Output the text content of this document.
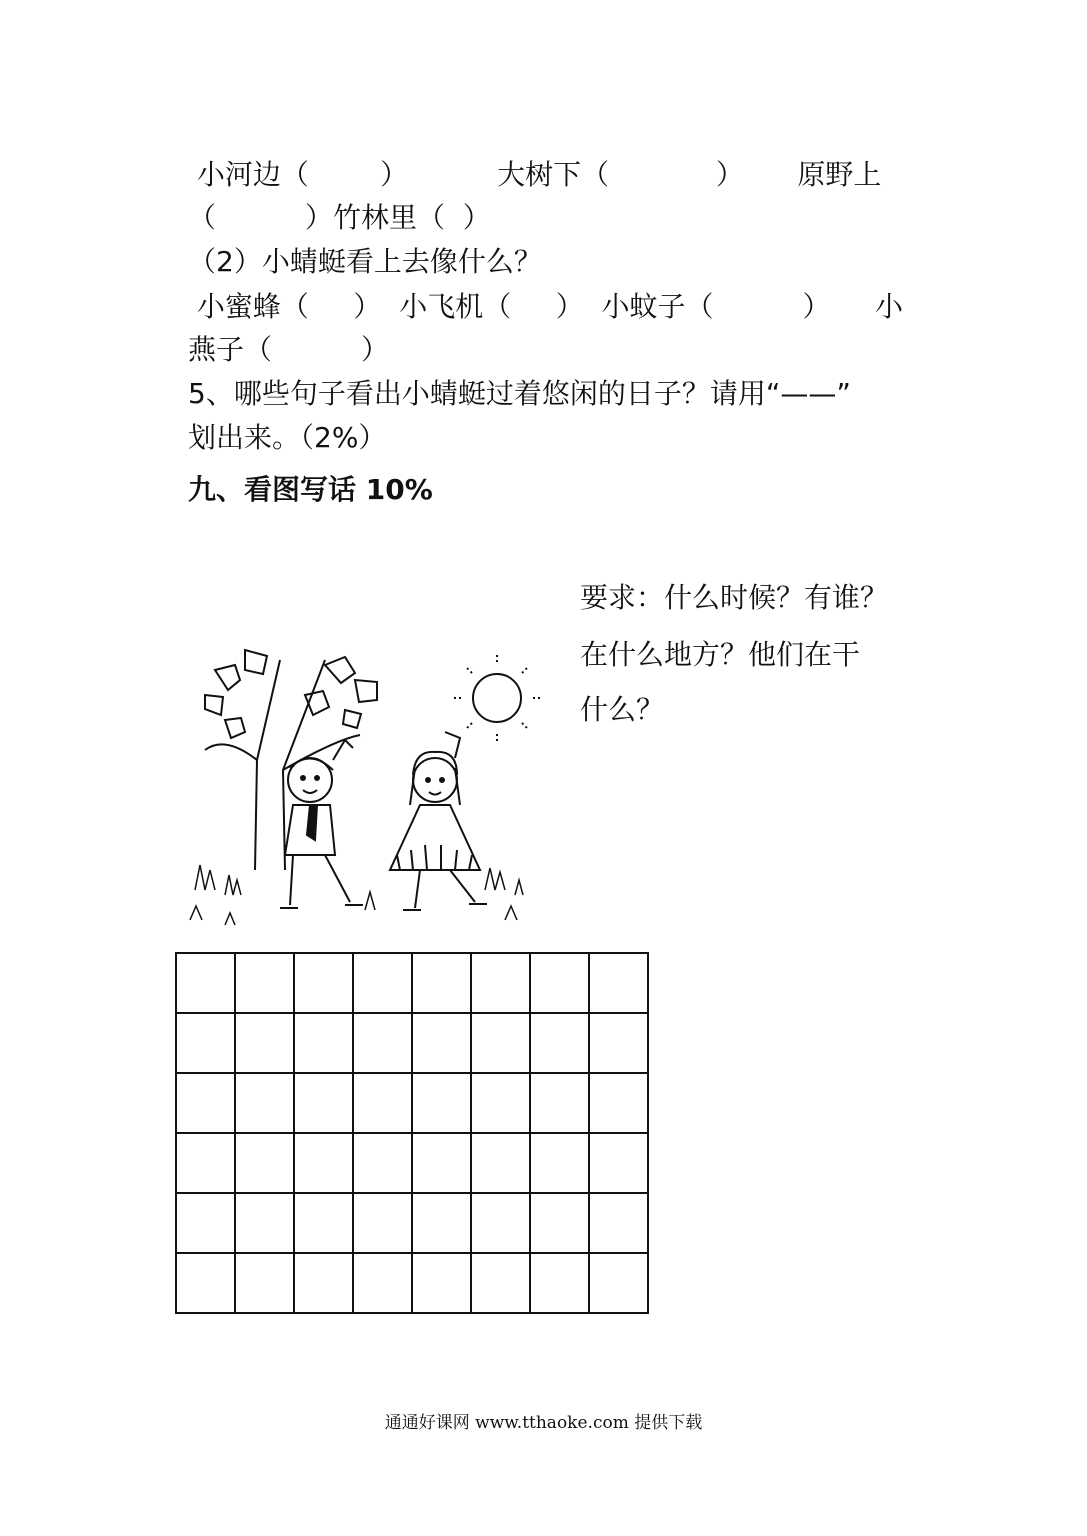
小河边（        ）          大树下（            ）      原野上
（          ）竹林里（  ）
（2）小蜻蜓看上去像什么？
小蜜蜂（     ）  小飞机（     ）  小蚊子（          ）     小
燕子（          ）
5、哪些句子看出小蜻蜓过着悠闲的日子？请用“——”
划出来。（2%）
九、看图写话 10%
要求：什么时候？有谁？
在什么地方？他们在干
什么？

通通好课网 www.tthaoke.com 提供下载
